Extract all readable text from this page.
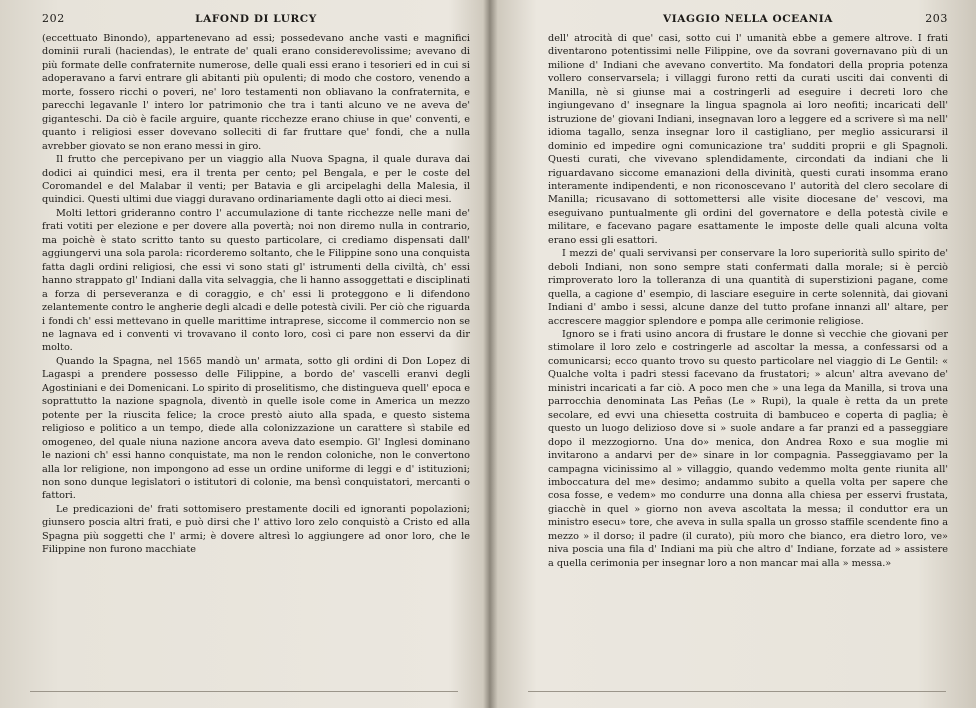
202	LAFOND DI LURCY

(eccettuato Binondo), appartenevano ad essi; possedevano anche vasti e magnifici dominii rurali (haciendas), le entrate de' quali erano considerevolissime; avevano di più formate delle confraternite numerose, delle quali essi erano i tesorieri ed in cui si adoperavano a farvi entrare gli abitanti più opulenti; di modo che costoro, venendo a morte, fossero ricchi o poveri, ne' loro testamenti non obliavano la confraternita, e parecchi legavanle l' intero lor patrimonio che tra i tanti alcuno ve ne aveva de' giganteschi. Da ciò è facile arguire, quante ricchezze erano chiuse in que' conventi, e quanto i religiosi esser dovevano solleciti di far fruttare que' fondi, che a nulla avrebber giovato se non erano messi in giro.

Il frutto che percepivano per un viaggio alla Nuova Spagna, il quale durava dai dodici ai quindici mesi, era il trenta per cento; pel Bengala, e per le coste del Coromandel e del Malabar il venti; per Batavia e gli arcipelaghi della Malesia, il quindici. Questi ultimi due viaggi duravano ordinariamente dagli otto ai dieci mesi.

Molti lettori grideranno contro l' accumulazione di tante ricchezze nelle mani de' frati votiti per elezione e per dovere alla povertà; noi non diremo nulla in contrario, ma poichè è stato scritto tanto su questo particolare, ci crediamo dispensati dall' aggiungervi una sola parola: ricorderemo soltanto, che le Filippine sono una conquista fatta dagli ordini religiosi, che essi vi sono stati gl' istrumenti della civiltà, ch' essi hanno strappato gl' Indiani dalla vita selvaggia, che li hanno assoggettati e disciplinati a forza di perseveranza e di coraggio, e ch' essi li proteggono e li difendono zelantemente contro le angherie degli alcadi e delle potestà civili. Per ciò che riguarda i fondi ch' essi mettevano in quelle marittime intraprese, siccome il commercio non se ne lagnava ed i conventi vi trovavano il conto loro, così ci pare non esservi da dir molto.

Quando la Spagna, nel 1565 mandò un' armata, sotto gli ordini di Don Lopez di Lagaspi a prendere possesso delle Filippine, a bordo de' vascelli eranvi degli Agostiniani e dei Domenicani. Lo spirito di proselitismo, che distingueva quell' epoca e soprattutto la nazione spagnola, diventò in quelle isole come in America un mezzo potente per la riuscita felice; la croce prestò aiuto alla spada, e questo sistema religioso e politico a un tempo, diede alla colonizzazione un carattere sì stabile ed omogeneo, del quale niuna nazione ancora aveva dato esempio. Gl' Inglesi dominano le nazioni ch' essi hanno conquistate, ma non le rendon coloniche, non le convertono alla lor religione, non impongono ad esse un ordine uniforme di leggi e d' istituzioni; non sono dunque legislatori o istitutori di colonie, ma bensì conquistatori, mercanti o fattori.

Le predicazioni de' frati sottomisero prestamente docili ed ignoranti popolazioni; giunsero poscia altri frati, e può dirsi che l' attivo loro zelo conquistò a Cristo ed alla Spagna più soggetti che l' armi; è dovere altresì lo aggiungere ad onor loro, che le Filippine non furono macchiate

VIAGGIO NELLA OCEANIA	203

dell' atrocità di que' casi, sotto cui l' umanità ebbe a gemere altrove. I frati diventarono potentissimi nelle Filippine, ove da sovrani governavano più di un milione d' Indiani che avevano convertito. Ma fondatori della propria potenza vollero conservarsela; i villaggi furono retti da curati usciti dai conventi di Manilla, nè si giunse mai a costringerli ad eseguire i decreti loro che ingiungevano d' insegnare la lingua spagnola ai loro neofiti; incaricati dell' istruzione de' giovani Indiani, insegnavan loro a leggere ed a scrivere sì ma nell' idioma tagallo, senza insegnar loro il castigliano, per meglio assicurarsi il dominio ed impedire ogni comunicazione tra' sudditi proprii e gli Spagnoli. Questi curati, che vivevano splendidamente, circondati da indiani che li riguardavano siccome emanazioni della divinità, questi curati insomma erano interamente indipendenti, e non riconoscevano l' autorità del clero secolare di Manilla; ricusavano di sottomettersi alle visite diocesane de' vescovi, ma eseguivano puntualmente gli ordini del governatore e della potestà civile e militare, e facevano pagare esattamente le imposte delle quali alcuna volta erano essi gli esattori.

I mezzi de' quali servivansi per conservare la loro superiorità sullo spirito de' deboli Indiani, non sono sempre stati confermati dalla morale; si è perciò rimproverato loro la tolleranza di una quantità di superstizioni pagane, come quella, a cagione d' esempio, di lasciare eseguire in certe solennità, dai giovani Indiani d' ambo i sessi, alcune danze del tutto profane innanzi all' altare, per accrescere maggior splendore e pompa alle cerimonie religiose.

Ignoro se i frati usino ancora di frustare le donne sì vecchie che giovani per stimolare il loro zelo e costringerle ad ascoltar la messa, a confessarsi od a comunicarsi; ecco quanto trovo su questo particolare nel viaggio di Le Gentil: « Qualche volta i padri stessi facevano da frustatori; » alcun' altra avevano de' ministri incaricati a far ciò. A poco men che » una lega da Manilla, si trova una parrocchia denominata Las Peñas (Le » Rupi), la quale è retta da un prete secolare, ed evvi una chiesetta costruita di bambuceo e coperta di paglia; è questo un luogo delizioso dove si » suole andare a far pranzi ed a passeggiare dopo il mezzogiorno. Una do» menica, don Andrea Roxo e sua moglie mi invitarono a andarvi per de» sinare in lor compagnia. Passeggiavamo per la campagna vicinissimo al » villaggio, quando vedemmo molta gente riunita all' imboccatura del me» desimo; andammo subito a quella volta per sapere che cosa fosse, e vedem» mo condurre una donna alla chiesa per esservi frustata, giacchè in quel » giorno non aveva ascoltata la messa; il conduttor era un ministro esecu» tore, che aveva in sulla spalla un grosso staffile scendente fino a mezzo » il dorso; il padre (il curato), più moro che bianco, era dietro loro, ve» niva poscia una fila d' Indiani ma più che altro d' Indiane, forzate ad » assistere a quella cerimonia per insegnar loro a non mancar mai alla » messa.»
